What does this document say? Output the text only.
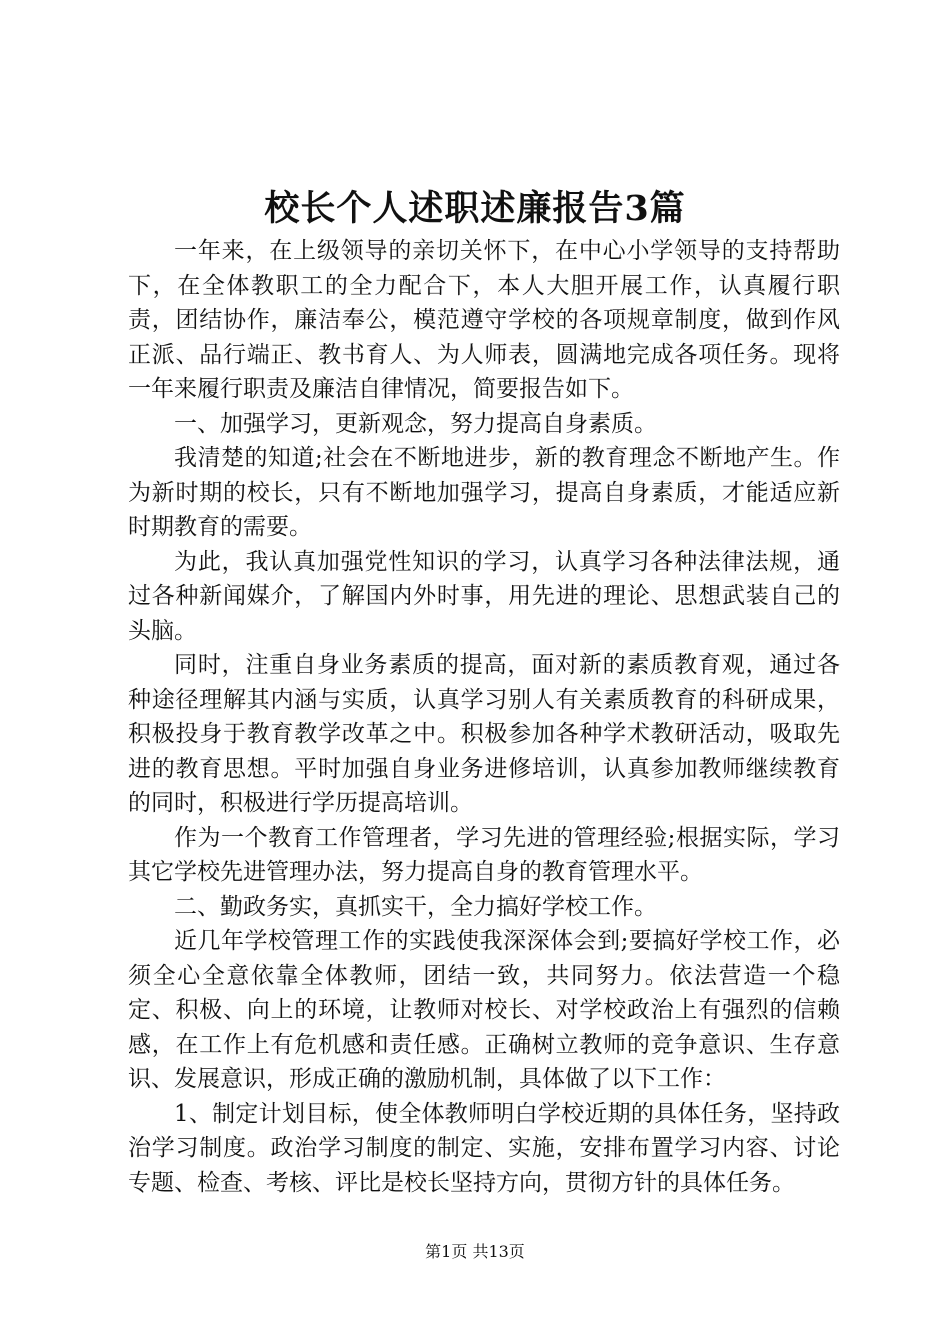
校长个人述职述廉报告3篇

一年来，在上级领导的亲切关怀下，在中心小学领导的支持帮助下，在全体教职工的全力配合下，本人大胆开展工作，认真履行职责，团结协作，廉洁奉公，模范遵守学校的各项规章制度，做到作风正派、品行端正、教书育人、为人师表，圆满地完成各项任务。现将一年来履行职责及廉洁自律情况，简要报告如下。

一、加强学习，更新观念，努力提高自身素质。

我清楚的知道;社会在不断地进步，新的教育理念不断地产生。作为新时期的校长，只有不断地加强学习，提高自身素质，才能适应新时期教育的需要。

为此，我认真加强党性知识的学习，认真学习各种法律法规，通过各种新闻媒介，了解国内外时事，用先进的理论、思想武装自己的头脑。

同时，注重自身业务素质的提高，面对新的素质教育观，通过各种途径理解其内涵与实质，认真学习别人有关素质教育的科研成果，积极投身于教育教学改革之中。积极参加各种学术教研活动，吸取先进的教育思想。平时加强自身业务进修培训，认真参加教师继续教育的同时，积极进行学历提高培训。

作为一个教育工作管理者，学习先进的管理经验;根据实际，学习其它学校先进管理办法，努力提高自身的教育管理水平。

二、勤政务实，真抓实干，全力搞好学校工作。

近几年学校管理工作的实践使我深深体会到;要搞好学校工作，必须全心全意依靠全体教师，团结一致，共同努力。依法营造一个稳定、积极、向上的环境，让教师对校长、对学校政治上有强烈的信赖感，在工作上有危机感和责任感。正确树立教师的竞争意识、生存意识、发展意识，形成正确的激励机制，具体做了以下工作：

1、制定计划目标，使全体教师明白学校近期的具体任务，坚持政治学习制度。政治学习制度的制定、实施，安排布置学习内容、讨论专题、检查、考核、评比是校长坚持方向，贯彻方针的具体任务。

第1页 共13页
